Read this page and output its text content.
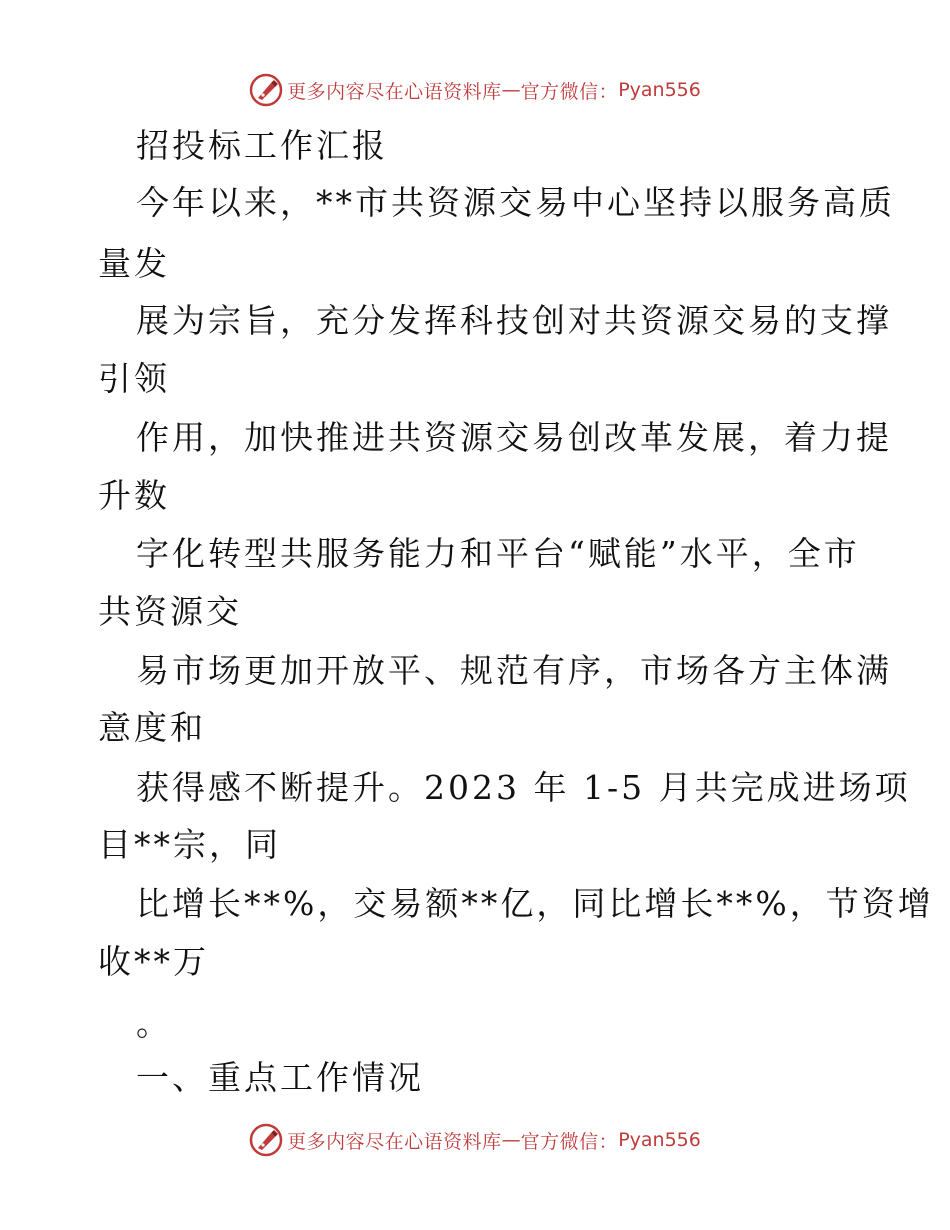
更多内容尽在心语资料库 — 官方微信： Pyan556
招投标工作汇报
今年以来，**市共资源交易中心坚持以服务高质
量发
展为宗旨，充分发挥科技创对共资源交易的支撑
引领
作用，加快推进共资源交易创改革发展，着力提
升数
字化转型共服务能力和平台“赋能”水平，全市
共资源交
易市场更加开放平、规范有序，市场各方主体满
意度和
获得感不断提升。2023 年 1-5 月共完成进场项
目**宗，同
比增长**%，交易额**亿，同比增长**%，节资增
收**万
。
一、重点工作情况
更多内容尽在心语资料库 — 官方微信： Pyan556
